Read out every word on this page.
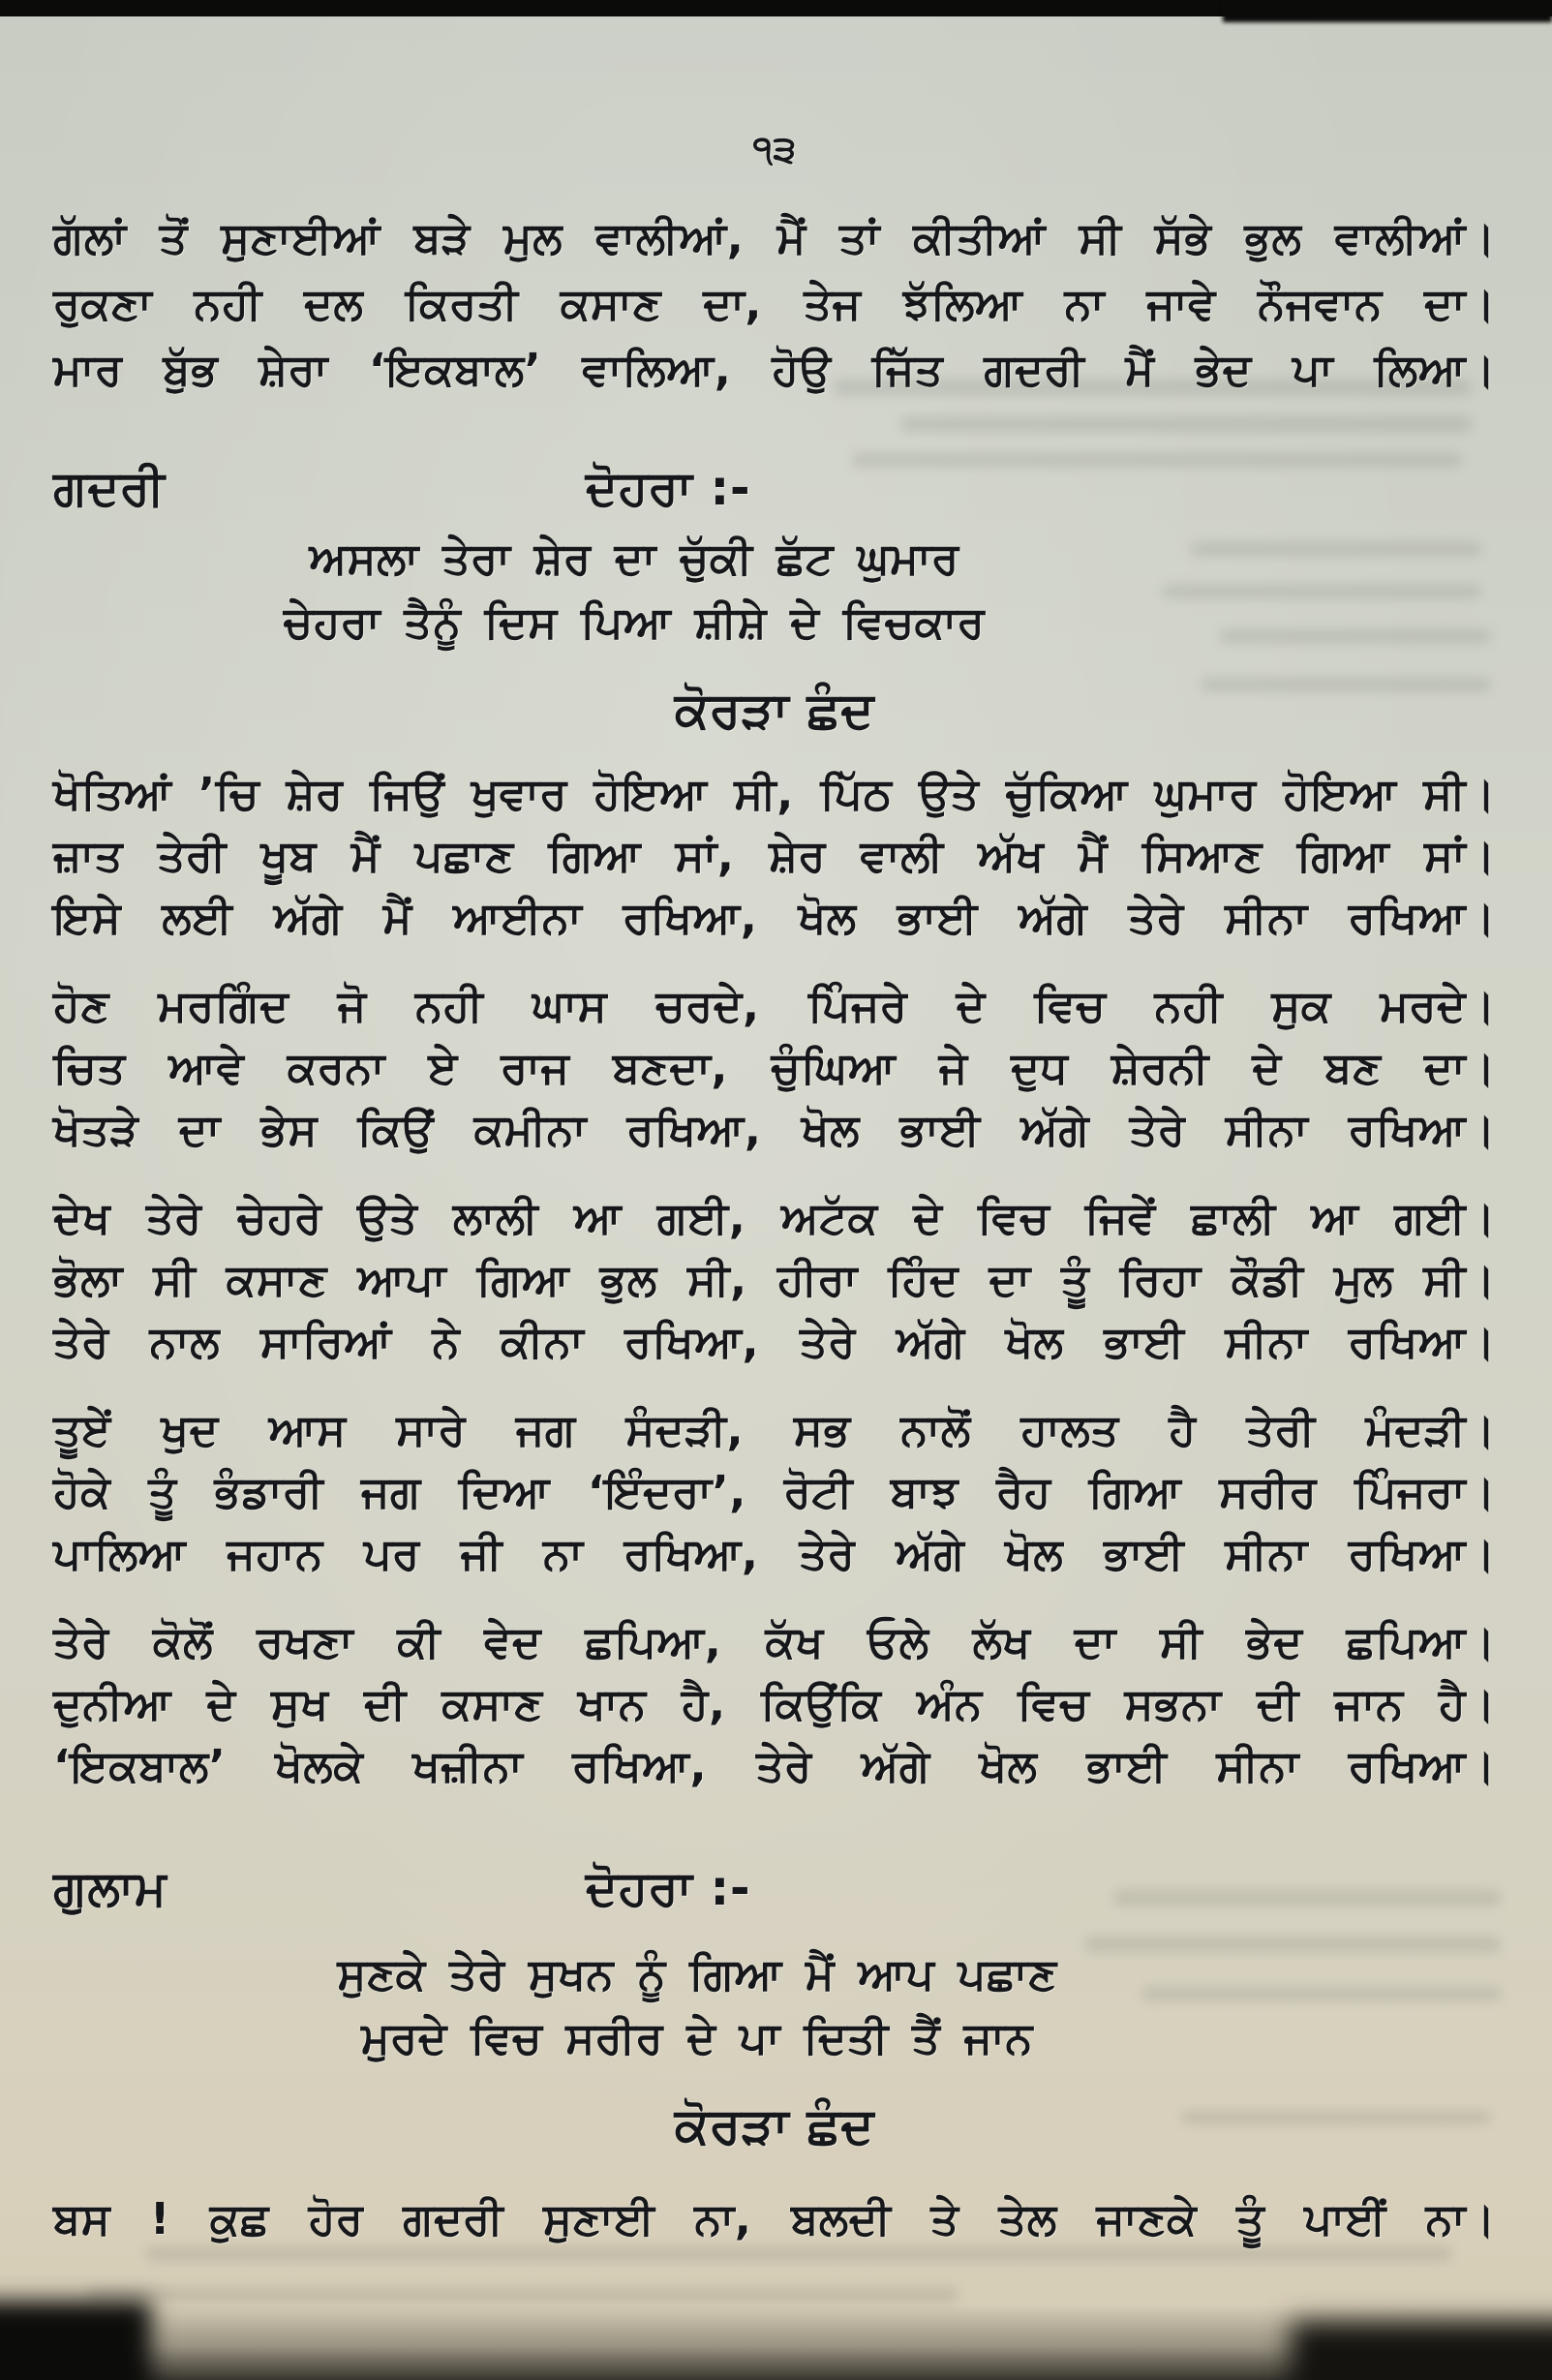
੧੩
ਗੱਲਾਂ ਤੋਂ ਸੁਣਾਈਆਂ ਬੜੇ ਮੁਲ ਵਾਲੀਆਂ, ਮੈਂ ਤਾਂ ਕੀਤੀਆਂ ਸੀ ਸੱਭੇ ਭੁਲ ਵਾਲੀਆਂ।
ਰੁਕਣਾ ਨਹੀ ਦਲ ਕਿਰਤੀ ਕਸਾਣ ਦਾ, ਤੇਜ ਝੱਲਿਆ ਨਾ ਜਾਵੇ ਨੌਜਵਾਨ ਦਾ।
ਮਾਰ ਬੁੱਭ ਸ਼ੇਰਾ ‘ਇਕਬਾਲ’ ਵਾਲਿਆ, ਹੋਉ ਜਿੱਤ ਗਦਰੀ ਮੈਂ ਭੇਦ ਪਾ ਲਿਆ।
ਗਦਰੀ	ਦੋਹਰਾ :-
ਅਸਲਾ ਤੇਰਾ ਸ਼ੇਰ ਦਾ ਚੁੱਕੀ ਛੱਟ ਘੁਮਾਰ
ਚੇਹਰਾ ਤੈਨੂੰ ਦਿਸ ਪਿਆ ਸ਼ੀਸ਼ੇ ਦੇ ਵਿਚਕਾਰ
ਕੋਰੜਾ ਛੰਦ
ਖੋਤਿਆਂ ’ਚਿ ਸ਼ੇਰ ਜਿਉਂ ਖੁਵਾਰ ਹੋਇਆ ਸੀ, ਪਿੱਠ ਉਤੇ ਚੁੱਕਿਆ ਘੁਮਾਰ ਹੋਇਆ ਸੀ।
ਜ਼ਾਤ ਤੇਰੀ ਖੂਬ ਮੈਂ ਪਛਾਣ ਗਿਆ ਸਾਂ, ਸ਼ੇਰ ਵਾਲੀ ਅੱਖ ਮੈਂ ਸਿਆਣ ਗਿਆ ਸਾਂ।
ਇਸੇ ਲਈ ਅੱਗੇ ਮੈਂ ਆਈਨਾ ਰਖਿਆ, ਖੋਲ ਭਾਈ ਅੱਗੇ ਤੇਰੇ ਸੀਨਾ ਰਖਿਆ।
ਹੋਣ ਮਰਗਿੰਦ ਜੋ ਨਹੀ ਘਾਸ ਚਰਦੇ, ਪਿੰਜਰੇ ਦੇ ਵਿਚ ਨਹੀ ਸੁਕ ਮਰਦੇ।
ਚਿਤ ਆਵੇ ਕਰਨਾ ਏ ਰਾਜ ਬਣਦਾ, ਚੁੰਘਿਆ ਜੇ ਦੁਧ ਸ਼ੇਰਨੀ ਦੇ ਬਣ ਦਾ।
ਖੋਤੜੇ ਦਾ ਭੇਸ ਕਿਉਂ ਕਮੀਨਾ ਰਖਿਆ, ਖੋਲ ਭਾਈ ਅੱਗੇ ਤੇਰੇ ਸੀਨਾ ਰਖਿਆ।
ਦੇਖ ਤੇਰੇ ਚੇਹਰੇ ਉਤੇ ਲਾਲੀ ਆ ਗਈ, ਅਟੱਕ ਦੇ ਵਿਚ ਜਿਵੇਂ ਛਾਲੀ ਆ ਗਈ।
ਭੋਲਾ ਸੀ ਕਸਾਣ ਆਪਾ ਗਿਆ ਭੁਲ ਸੀ, ਹੀਰਾ ਹਿੰਦ ਦਾ ਤੂੰ ਰਿਹਾ ਕੌਡੀ ਮੁਲ ਸੀ।
ਤੇਰੇ ਨਾਲ ਸਾਰਿਆਂ ਨੇ ਕੀਨਾ ਰਖਿਆ, ਤੇਰੇ ਅੱਗੇ ਖੋਲ ਭਾਈ ਸੀਨਾ ਰਖਿਆ।
ਤੂਏਂ ਖੁਦ ਆਸ ਸਾਰੇ ਜਗ ਸੰਦੜੀ, ਸਭ ਨਾਲੋਂ ਹਾਲਤ ਹੈ ਤੇਰੀ ਮੰਦੜੀ।
ਹੋਕੇ ਤੂੰ ਭੰਡਾਰੀ ਜਗ ਦਿਆ ‘ਇੰਦਰਾ’, ਰੋਟੀ ਬਾਝ ਰੈਹ ਗਿਆ ਸਰੀਰ ਪਿੰਜਰਾ।
ਪਾਲਿਆ ਜਹਾਨ ਪਰ ਜੀ ਨਾ ਰਖਿਆ, ਤੇਰੇ ਅੱਗੇ ਖੋਲ ਭਾਈ ਸੀਨਾ ਰਖਿਆ।
ਤੇਰੇ ਕੋਲੋਂ ਰਖਣਾ ਕੀ ਵੇਦ ਛਪਿਆ, ਕੱਖ ਓਲੇ ਲੱਖ ਦਾ ਸੀ ਭੇਦ ਛਪਿਆ।
ਦੁਨੀਆ ਦੇ ਸੁਖ ਦੀ ਕਸਾਣ ਖਾਨ ਹੈ, ਕਿਉਂਕਿ ਅੰਨ ਵਿਚ ਸਭਨਾ ਦੀ ਜਾਨ ਹੈ।
‘ਇਕਬਾਲ’ ਖੋਲਕੇ ਖਜ਼ੀਨਾ ਰਖਿਆ, ਤੇਰੇ ਅੱਗੇ ਖੋਲ ਭਾਈ ਸੀਨਾ ਰਖਿਆ।
ਗੁਲਾਮ	ਦੋਹਰਾ :-
ਸੁਣਕੇ ਤੇਰੇ ਸੁਖਨ ਨੂੰ ਗਿਆ ਮੈਂ ਆਪ ਪਛਾਣ
ਮੁਰਦੇ ਵਿਚ ਸਰੀਰ ਦੇ ਪਾ ਦਿਤੀ ਤੈਂ ਜਾਨ
ਕੋਰੜਾ ਛੰਦ
ਬਸ ! ਕੁਛ ਹੋਰ ਗਦਰੀ ਸੁਣਾਈ ਨਾ, ਬਲਦੀ ਤੇ ਤੇਲ ਜਾਣਕੇ ਤੂੰ ਪਾਈਂ ਨਾ।
